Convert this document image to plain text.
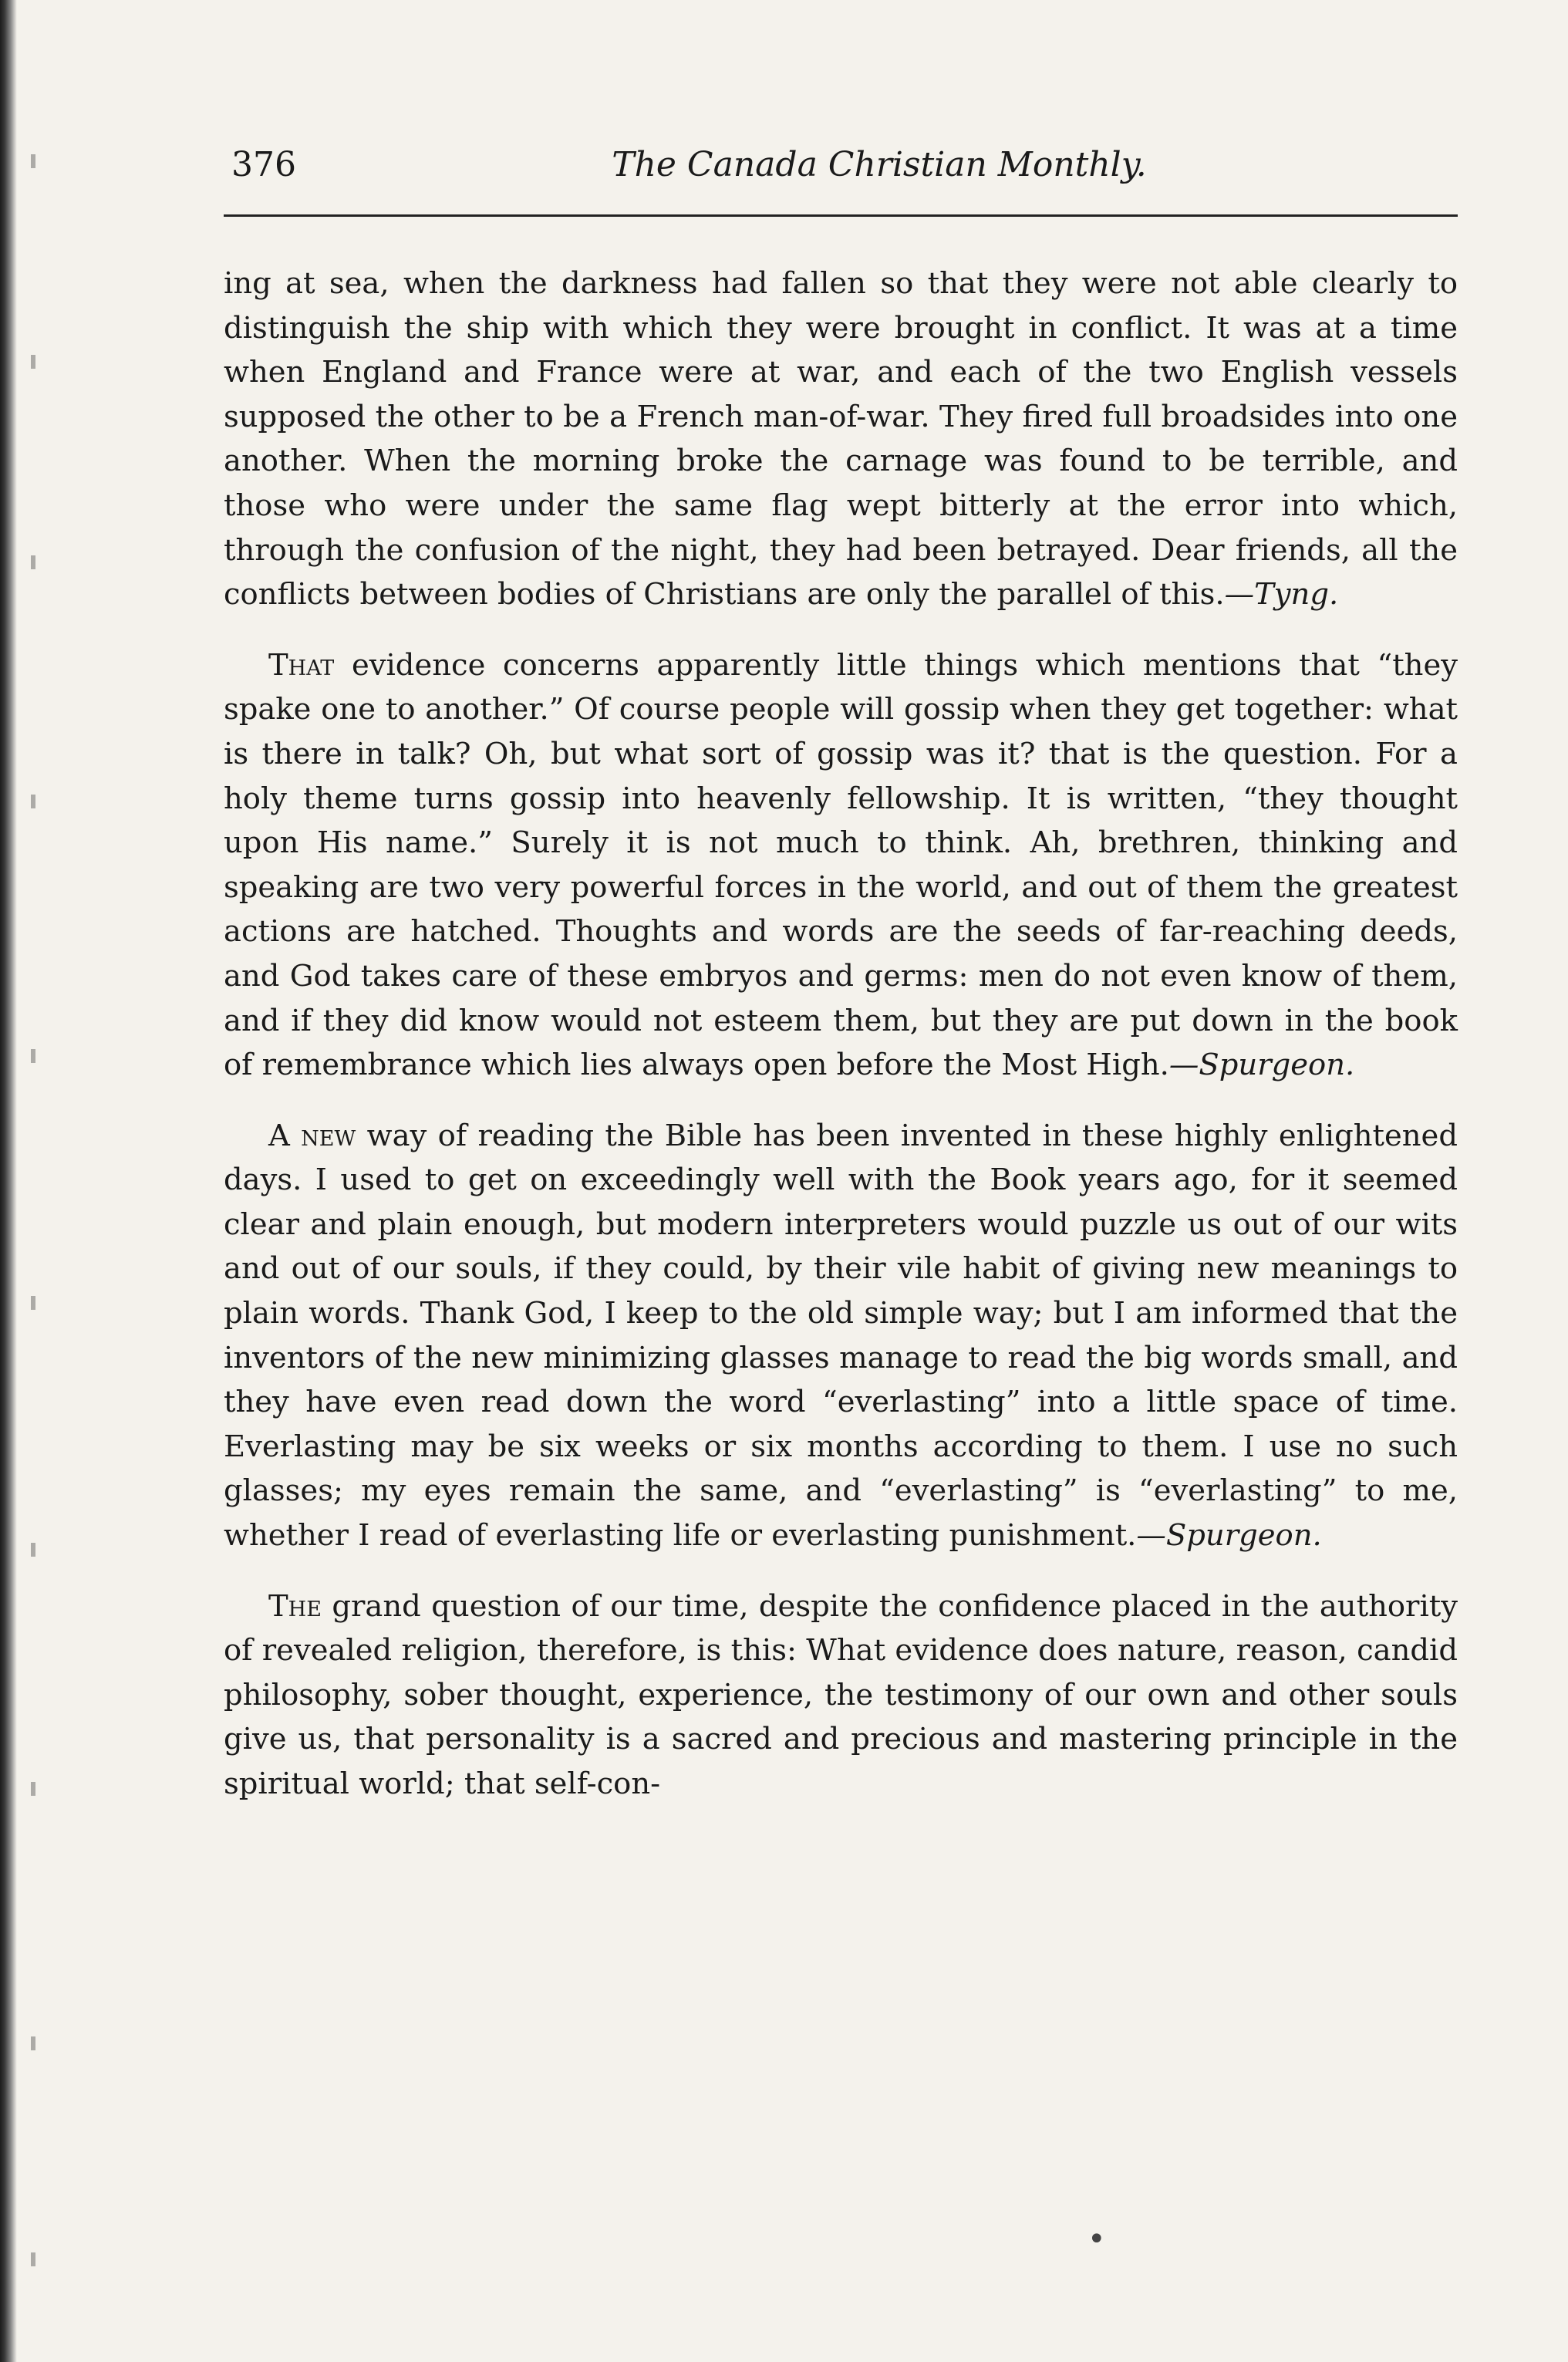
376	The Canada Christian Monthly.

ing at sea, when the darkness had fallen so that they were not able clearly to distinguish the ship with which they were brought in conflict. It was at a time when England and France were at war, and each of the two English vessels supposed the other to be a French man-of-war. They fired full broadsides into one another. When the morning broke the carnage was found to be terrible, and those who were under the same flag wept bitterly at the error into which, through the confusion of the night, they had been betrayed. Dear friends, all the conflicts between bodies of Christians are only the parallel of this.—Tyng.

That evidence concerns apparently little things which mentions that “they spake one to another.” Of course people will gossip when they get together: what is there in talk? Oh, but what sort of gossip was it? that is the question. For a holy theme turns gossip into heavenly fellowship. It is written, “they thought upon His name.” Surely it is not much to think. Ah, brethren, thinking and speaking are two very powerful forces in the world, and out of them the greatest actions are hatched. Thoughts and words are the seeds of far-reaching deeds, and God takes care of these embryos and germs: men do not even know of them, and if they did know would not esteem them, but they are put down in the book of remembrance which lies always open before the Most High.—Spurgeon.

A new way of reading the Bible has been invented in these highly enlightened days. I used to get on exceedingly well with the Book years ago, for it seemed clear and plain enough, but modern interpreters would puzzle us out of our wits and out of our souls, if they could, by their vile habit of giving new meanings to plain words. Thank God, I keep to the old simple way; but I am informed that the inventors of the new minimizing glasses manage to read the big words small, and they have even read down the word “everlasting” into a little space of time. Everlasting may be six weeks or six months according to them. I use no such glasses; my eyes remain the same, and “everlasting” is “everlasting” to me, whether I read of everlasting life or everlasting punishment.—Spurgeon.

The grand question of our time, despite the confidence placed in the authority of revealed religion, therefore, is this: What evidence does nature, reason, candid philosophy, sober thought, experience, the testimony of our own and other souls give us, that personality is a sacred and precious and mastering principle in the spiritual world; that self-con-

•
